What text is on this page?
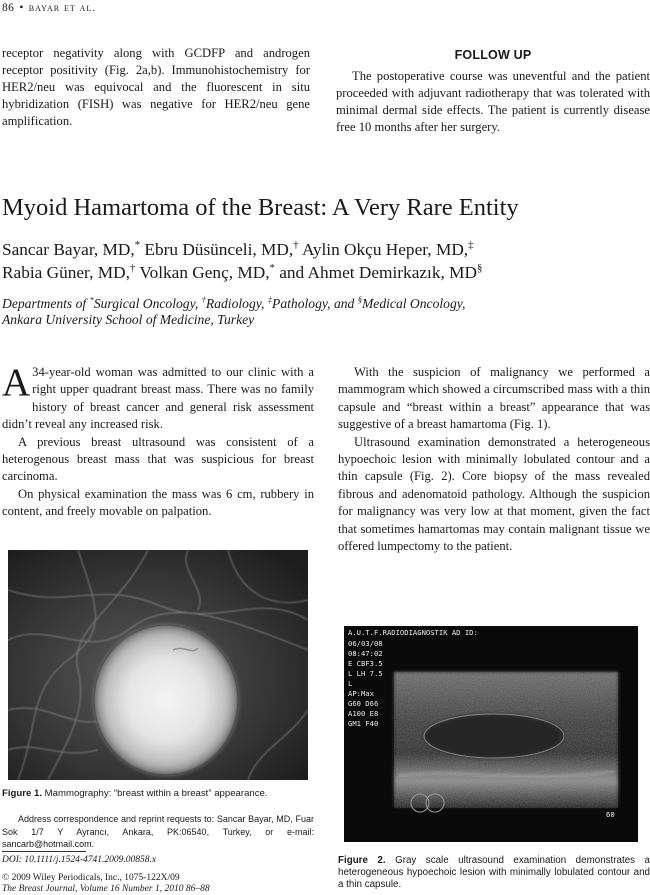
86 • bayar et al.
receptor negativity along with GCDFP and androgen receptor positivity (Fig. 2a,b). Immunohistochemistry for HER2/neu was equivocal and the fluorescent in situ hybridization (FISH) was negative for HER2/neu gene amplification.
FOLLOW UP
The postoperative course was uneventful and the patient proceeded with adjuvant radiotherapy that was tolerated with minimal dermal side effects. The patient is currently disease free 10 months after her surgery.
Myoid Hamartoma of the Breast: A Very Rare Entity
Sancar Bayar, MD,* Ebru Düsünceli, MD,† Aylin Okçu Heper, MD,‡
Rabia Güner, MD,† Volkan Genç, MD,* and Ahmet Demirkazık, MD§
Departments of *Surgical Oncology, †Radiology, ‡Pathology, and §Medical Oncology,
Ankara University School of Medicine, Turkey

A 34-year-old woman was admitted to our clinic with a right upper quadrant breast mass. There was no family history of breast cancer and general risk assessment didn’t reveal any increased risk.

A previous breast ultrasound was consistent of a heterogenous breast mass that was suspicious for breast carcinoma.

On physical examination the mass was 6 cm, rubbery in content, and freely movable on palpation.

With the suspicion of malignancy we performed a mammogram which showed a circumscribed mass with a thin capsule and “breast within a breast” appearance that was suggestive of a breast hamartoma (Fig. 1).

Ultrasound examination demonstrated a heterogeneous hypoechoic lesion with minimally lobulated contour and a thin capsule (Fig. 2). Core biopsy of the mass revealed fibrous and adenomatoid pathology. Although the suspicion for malignancy was very low at that moment, given the fact that sometimes hamartomas may contain malignant tissue we offered lumpectomy to the patient.

Figure 1. Mammography: “breast within a breast” appearance.
Address correspondence and reprint requests to: Sancar Bayar, MD, Fuar Sok 1/7 Y Ayrancı, Ankara, PK:06540, Turkey, or e-mail: sancarb@hotmail.com.
DOI: 10.1111/j.1524-4741.2009.00858.x
© 2009 Wiley Periodicals, Inc., 1075-122X/09
The Breast Journal, Volume 16 Number 1, 2010 86–88
A.U.T.F.RADIODIAGNOSTIK AD ID:
06/03/08
08:47:02
E CBF3.5
L LH 7.5
L
AP:Max
G60 D66
A100 E8
GM1 F40
60
Figure 2. Gray scale ultrasound examination demonstrates a heterogeneous hypoechoic lesion with minimally lobulated contour and a thin capsule.
